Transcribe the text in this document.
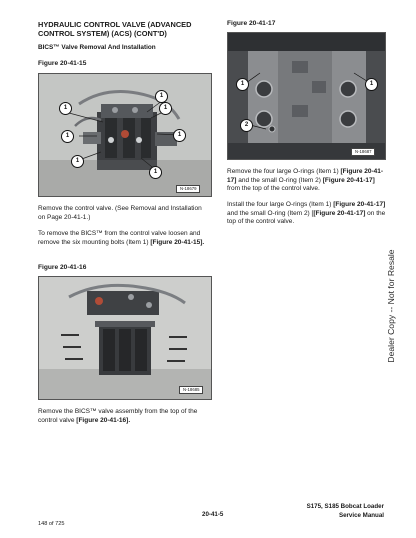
HYDRAULIC CONTROL VALVE (ADVANCED CONTROL SYSTEM) (ACS) (CONT'D)
BICS™ Valve Removal And Installation
Figure 20-41-15
1
1
1
1	1
1
1
N-18679
Remove the control valve. (See Removal and Installation on Page 20-41-1.)
To remove the BICS™ from the control valve loosen and remove the six mounting bolts (Item 1) [Figure 20-41-15].
Figure 20-41-16
N-18685
Remove the BICS™ valve assembly from the top of the control valve [Figure 20-41-16].
Figure 20-41-17
1	1
2
N-18687
Remove the four large O-rings (Item 1) [Figure 20-41-17] and the small O-ring (Item 2) [Figure 20-41-17] from the top of the control valve.
Install the four large O-rings (Item 1) [Figure 20-41-17] and the small O-ring (Item 2) [[Figure 20-41-17] on the top of the control valve.
Dealer Copy -- Not for Resale
20-41-5
S175, S185 Bobcat Loader
Service Manual
148 of 725
